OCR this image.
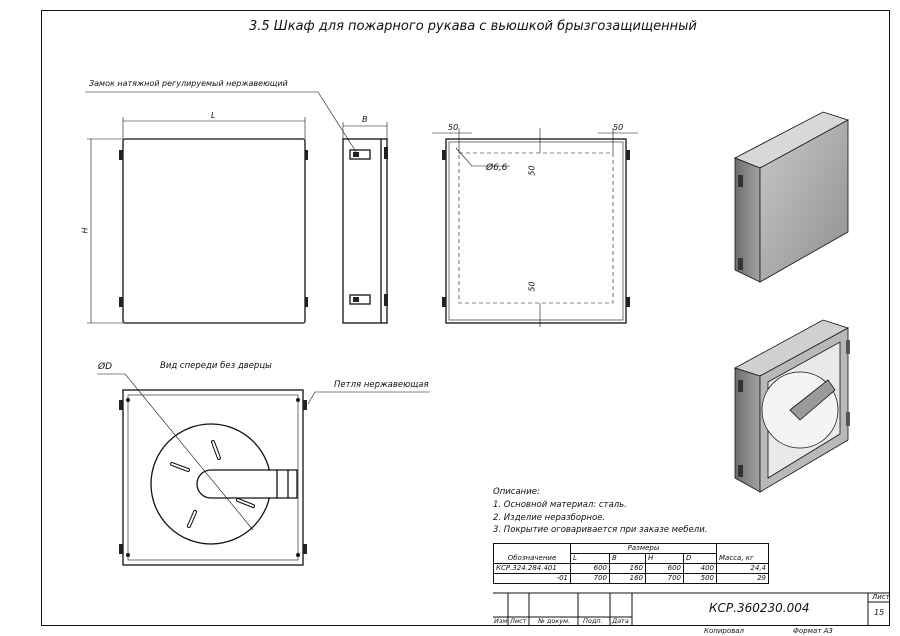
3.5 Шкаф для пожарного рукава с вьюшкой брызгозащищенный
L
H
B
Замок натяжной регулируемый нержавеющий
50	50
50
50
Ø6,6
ØD	Вид спереди без дверцы
Петля нержавеющая
Описание:
1. Основной материал: сталь.
2. Изделие неразборное.
3. Покрытие оговаривается при заказе мебели.
	Размеры				
Обозначение	L	B	H	D	Масса, кг
КСР.324.284.401	600	160	600	400	24,4
-01	700	160	700	500	29
Изм. Лист № докум. Подп. Дата
КСР.360230.004
Лист
15
Копировал	Формат А3
